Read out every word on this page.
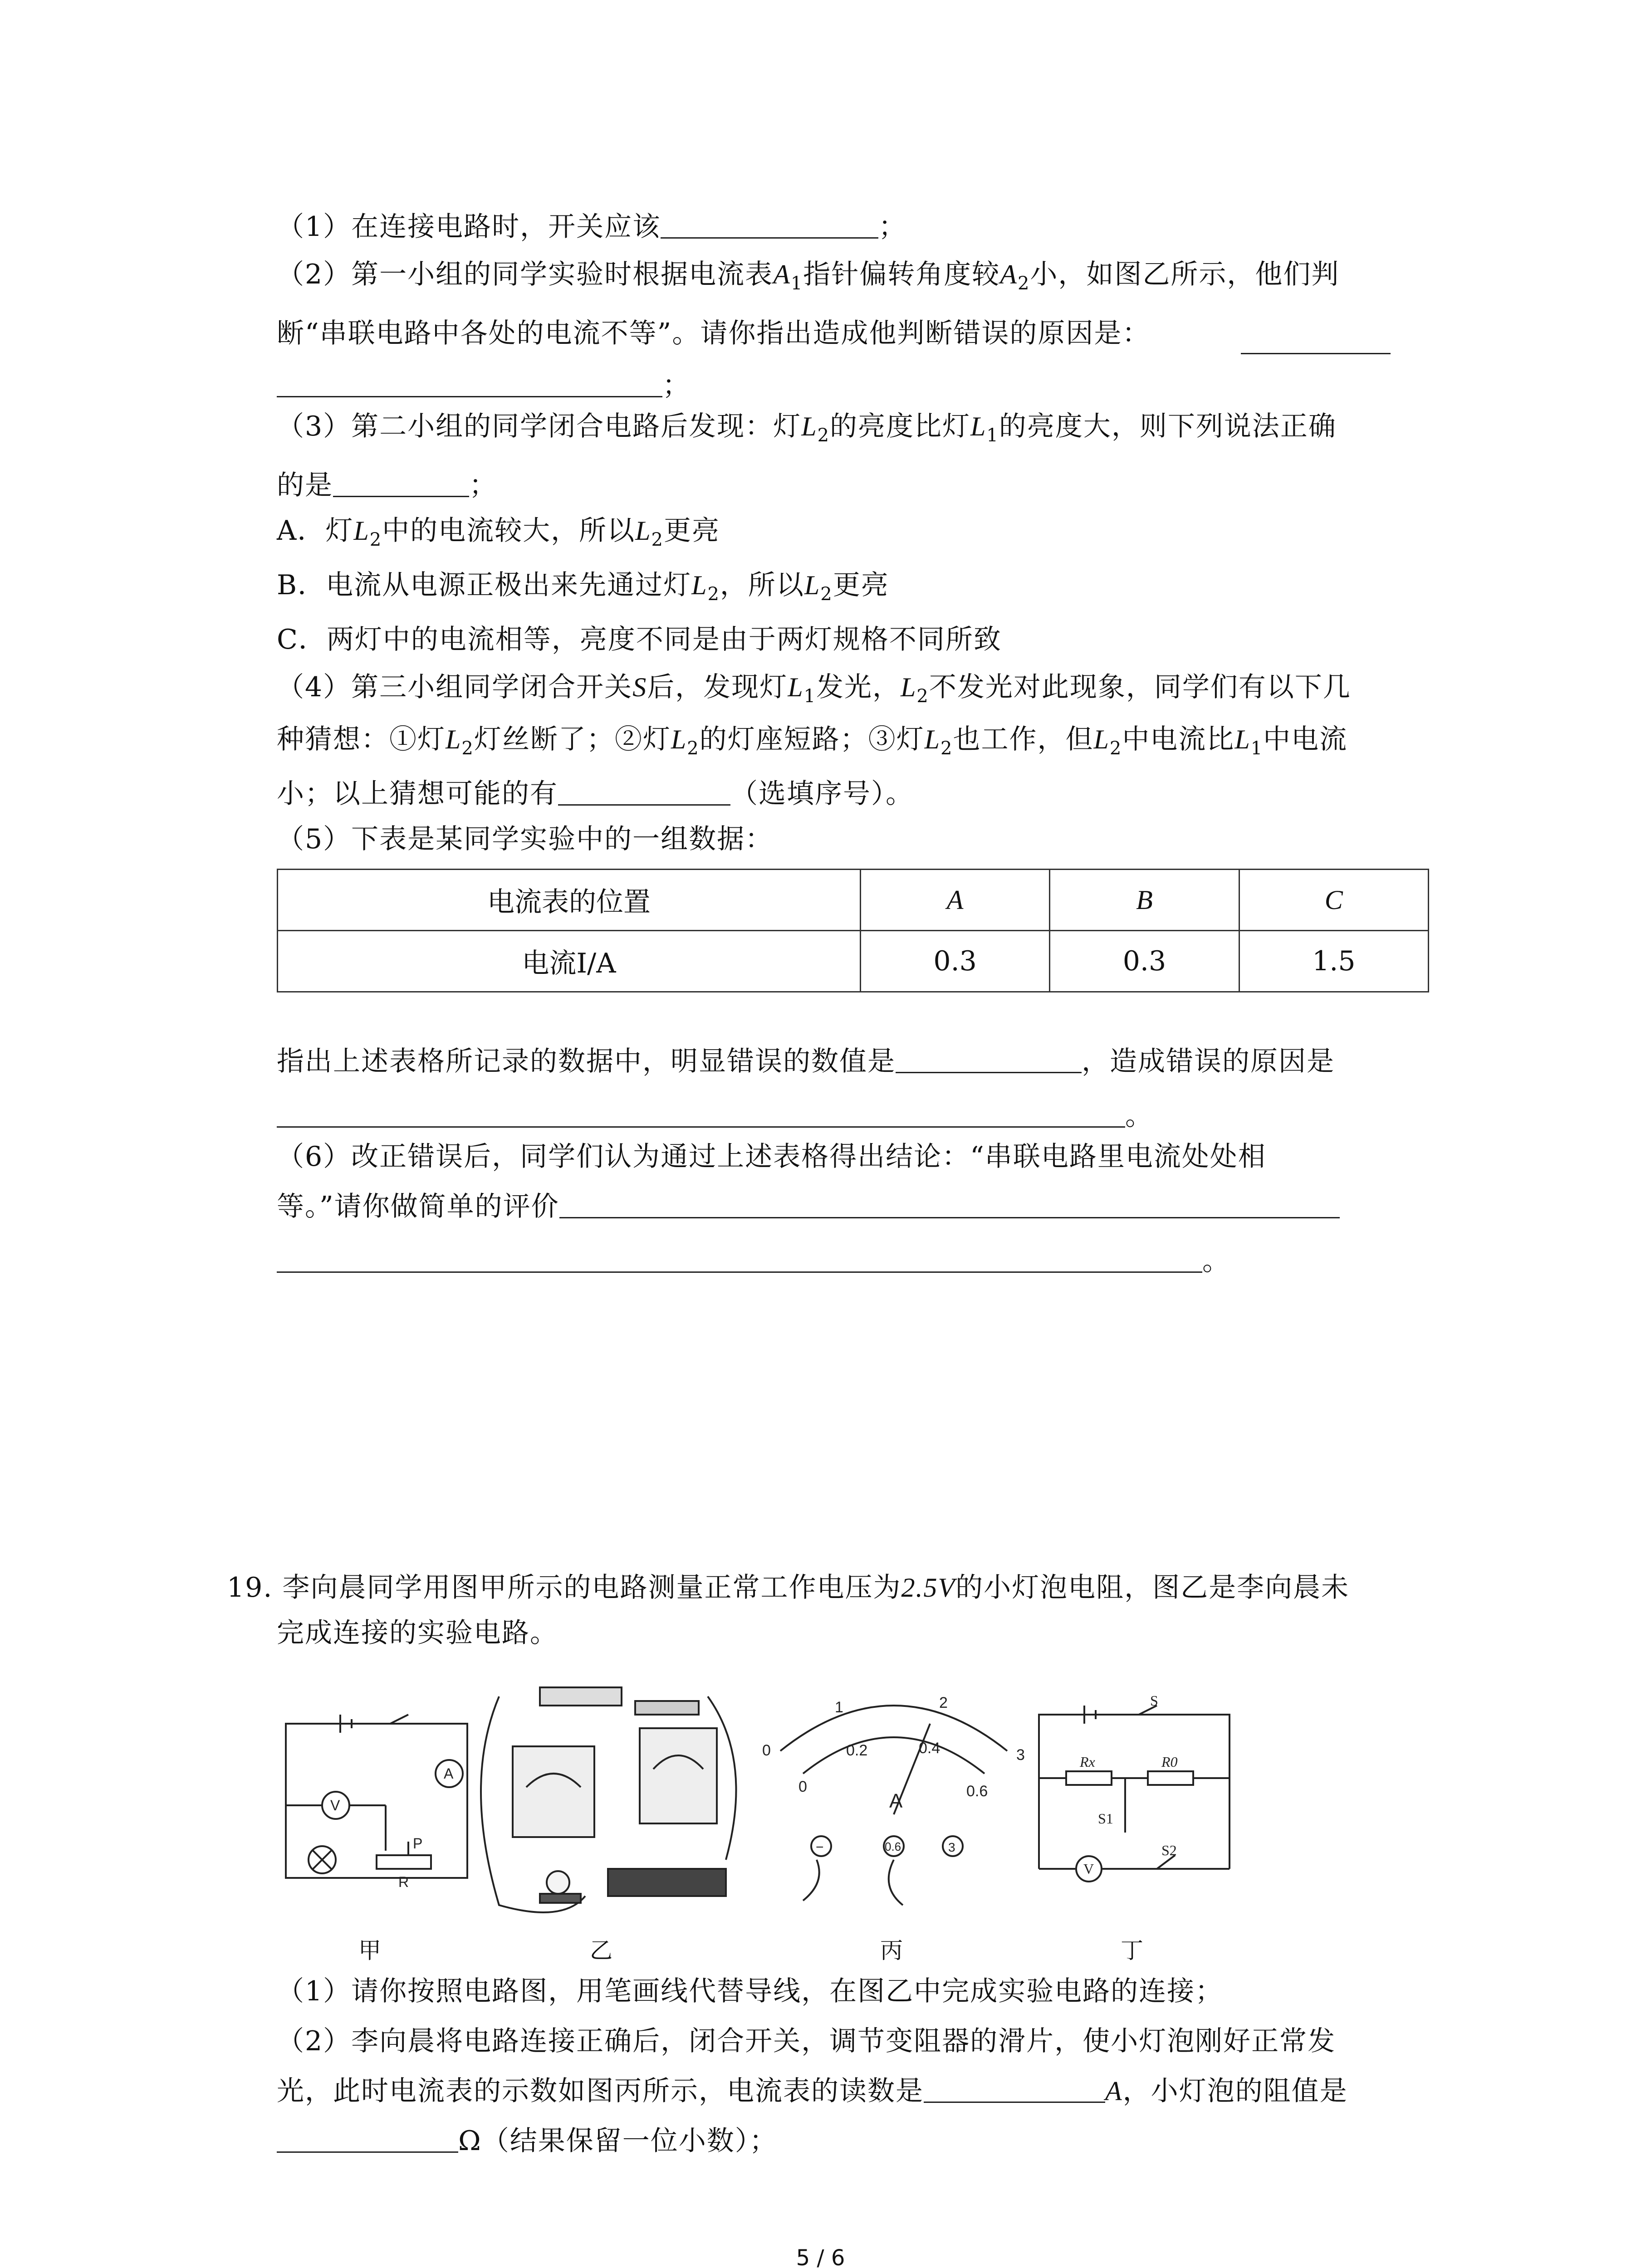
（1）在连接电路时，开关应该	；
（2）第一小组的同学实验时根据电流表$A_1$指针偏转角度较$A_2$小，如图乙所示，他们判
断“串联电路中各处的电流不等”。请你指出造成他判断错误的原因是：
；
（3）第二小组的同学闭合电路后发现：灯$L_2$的亮度比灯$L_1$的亮度大，则下列说法正确
的是	；
A．灯$L_2$中的电流较大，所以$L_2$更亮
B．电流从电源正极出来先通过灯$L_2$，所以$L_2$更亮
C．两灯中的电流相等，亮度不同是由于两灯规格不同所致
（4）第三小组同学闭合开关S后，发现灯$L_1$发光，$L_2$不发光对此现象，同学们有以下几
种猜想：①灯$L_2$灯丝断了；②灯$L_2$的灯座短路；③灯$L_2$也工作，但$L_2$中电流比$L_1$中电流
小；以上猜想可能的有	（选填序号）。
（5）下表是某同学实验中的一组数据：
电流表的位置	A	B	C
电流I/A	0.3	0.3	1.5
指出上述表格所记录的数据中，明显错误的数值是	，造成错误的原因是
。
（6）改正错误后，同学们认为通过上述表格得出结论：“串联电路里电流处处相
等。”请你做简单的评价
。
19. 李向晨同学用图甲所示的电路测量正常工作电压为2.5V的小灯泡电阻，图乙是李向晨未
完成连接的实验电路。
V
A
P
R
0
1	2
3
0.2	0.4
0.6
0
A
0.6	3
−
S
Rx	R0
S1
S2
V
甲	乙	丙	丁
（1）请你按照电路图，用笔画线代替导线，在图乙中完成实验电路的连接；
（2）李向晨将电路连接正确后，闭合开关，调节变阻器的滑片，使小灯泡刚好正常发
光，此时电流表的示数如图丙所示，电流表的读数是	A，小灯泡的阻值是
Ω（结果保留一位小数）；
5 / 6
